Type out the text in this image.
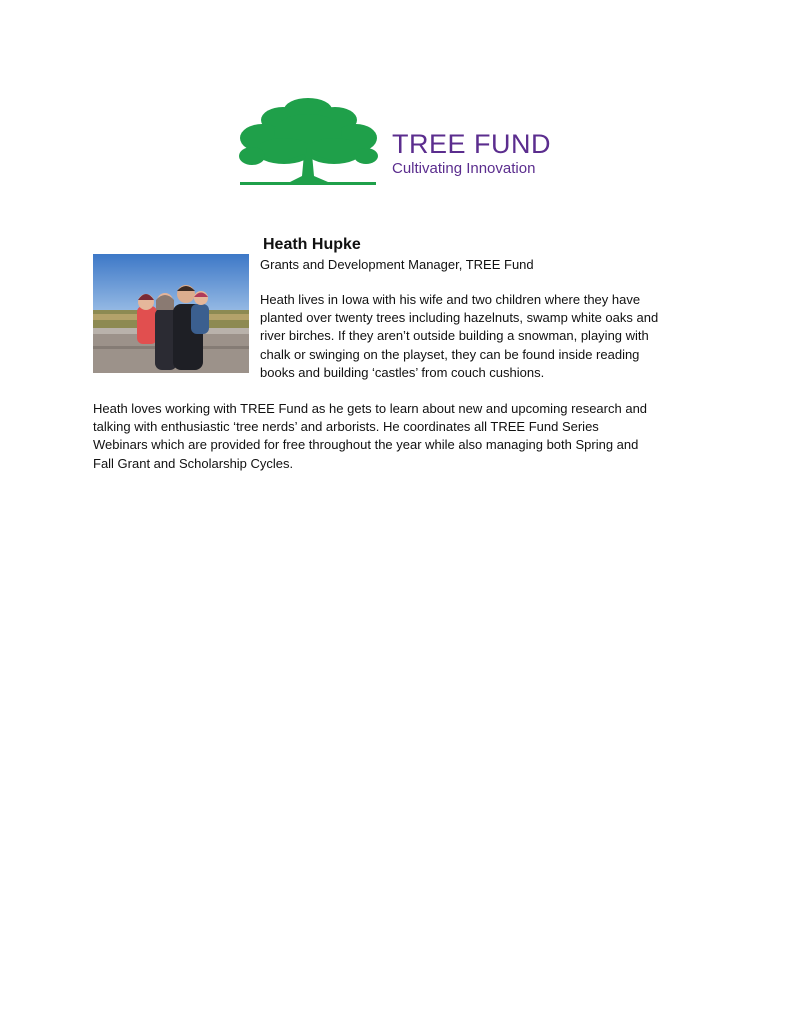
TREE FUND
Cultivating Innovation
Heath Hupke
Grants and Development Manager, TREE Fund

Heath lives in Iowa with his wife and two children where they have
planted over twenty trees including hazelnuts, swamp white oaks and
river birches. If they aren’t outside building a snowman, playing with
chalk or swinging on the playset, they can be found inside reading
books and building ‘castles’ from couch cushions.

Heath loves working with TREE Fund as he gets to learn about new and upcoming research and
talking with enthusiastic ‘tree nerds’ and arborists. He coordinates all TREE Fund Series
Webinars which are provided for free throughout the year while also managing both Spring and
Fall Grant and Scholarship Cycles.
